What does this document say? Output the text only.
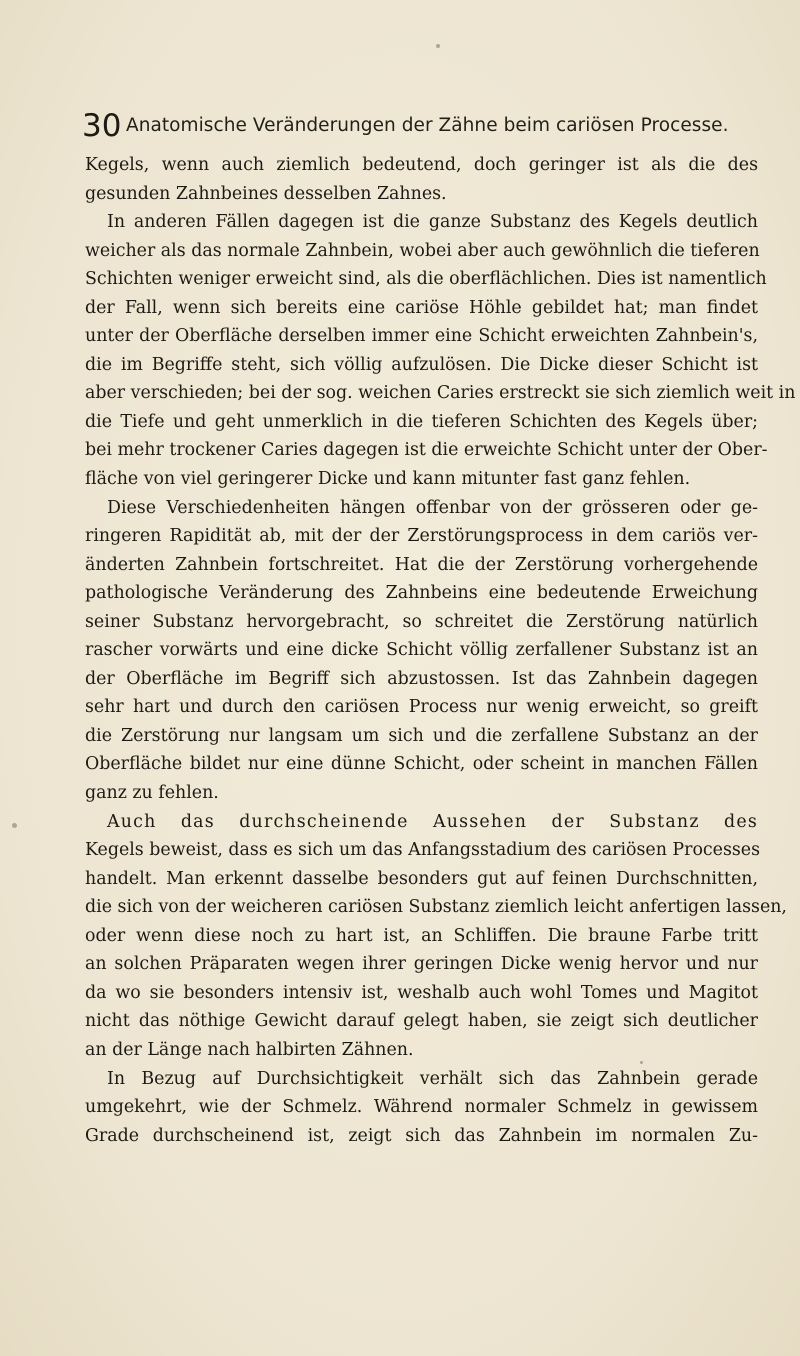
30 Anatomische Veränderungen der Zähne beim cariösen Processe.
Kegels, wenn auch ziemlich bedeutend, doch geringer ist als die des
gesunden Zahnbeines desselben Zahnes.
In anderen Fällen dagegen ist die ganze Substanz des Kegels deutlich
weicher als das normale Zahnbein, wobei aber auch gewöhnlich die tieferen
Schichten weniger erweicht sind, als die oberflächlichen. Dies ist namentlich
der Fall, wenn sich bereits eine cariöse Höhle gebildet hat; man findet
unter der Oberfläche derselben immer eine Schicht erweichten Zahnbein's,
die im Begriffe steht, sich völlig aufzulösen. Die Dicke dieser Schicht ist
aber verschieden; bei der sog. weichen Caries erstreckt sie sich ziemlich weit in
die Tiefe und geht unmerklich in die tieferen Schichten des Kegels über;
bei mehr trockener Caries dagegen ist die erweichte Schicht unter der Ober-
fläche von viel geringerer Dicke und kann mitunter fast ganz fehlen.
Diese Verschiedenheiten hängen offenbar von der grösseren oder ge-
ringeren Rapidität ab, mit der der Zerstörungsprocess in dem cariös ver-
änderten Zahnbein fortschreitet. Hat die der Zerstörung vorhergehende
pathologische Veränderung des Zahnbeins eine bedeutende Erweichung
seiner Substanz hervorgebracht, so schreitet die Zerstörung natürlich
rascher vorwärts und eine dicke Schicht völlig zerfallener Substanz ist an
der Oberfläche im Begriff sich abzustossen. Ist das Zahnbein dagegen
sehr hart und durch den cariösen Process nur wenig erweicht, so greift
die Zerstörung nur langsam um sich und die zerfallene Substanz an der
Oberfläche bildet nur eine dünne Schicht, oder scheint in manchen Fällen
ganz zu fehlen.
Auch das durchscheinende Aussehen der Substanz des
Kegels beweist, dass es sich um das Anfangsstadium des cariösen Processes
handelt. Man erkennt dasselbe besonders gut auf feinen Durchschnitten,
die sich von der weicheren cariösen Substanz ziemlich leicht anfertigen lassen,
oder wenn diese noch zu hart ist, an Schliffen. Die braune Farbe tritt
an solchen Präparaten wegen ihrer geringen Dicke wenig hervor und nur
da wo sie besonders intensiv ist, weshalb auch wohl Tomes und Magitot
nicht das nöthige Gewicht darauf gelegt haben, sie zeigt sich deutlicher
an der Länge nach halbirten Zähnen.
In Bezug auf Durchsichtigkeit verhält sich das Zahnbein gerade
umgekehrt, wie der Schmelz. Während normaler Schmelz in gewissem
Grade durchscheinend ist, zeigt sich das Zahnbein im normalen Zu-
